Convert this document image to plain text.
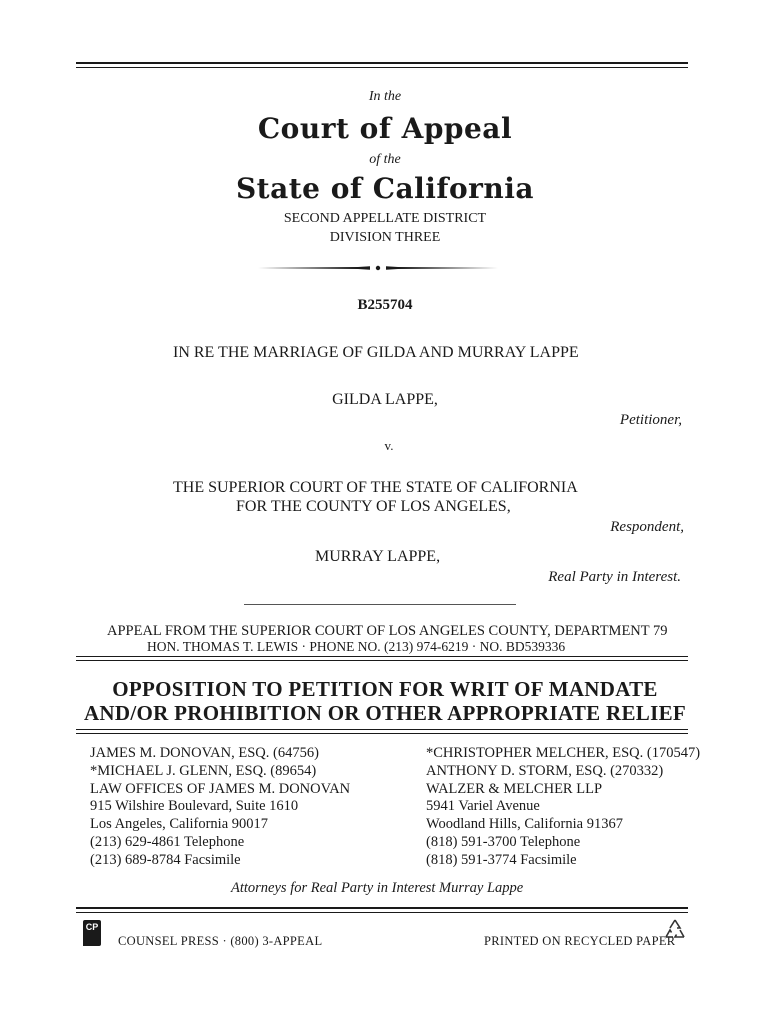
In the
Court of Appeal
of the
State of California
SECOND APPELLATE DISTRICT
DIVISION THREE
B255704
IN RE THE MARRIAGE OF GILDA AND MURRAY LAPPE
GILDA LAPPE,
Petitioner,
v.
THE SUPERIOR COURT OF THE STATE OF CALIFORNIA
FOR THE COUNTY OF LOS ANGELES,
Respondent,
MURRAY LAPPE,
Real Party in Interest.
APPEAL FROM THE SUPERIOR COURT OF LOS ANGELES COUNTY, DEPARTMENT 79
HON. THOMAS T. LEWIS · PHONE NO. (213) 974-6219 · NO. BD539336
OPPOSITION TO PETITION FOR WRIT OF MANDATE
AND/OR PROHIBITION OR OTHER APPROPRIATE RELIEF
JAMES M. DONOVAN, ESQ. (64756)
*MICHAEL J. GLENN, ESQ. (89654)
LAW OFFICES OF JAMES M. DONOVAN
915 Wilshire Boulevard, Suite 1610
Los Angeles, California 90017
(213) 629-4861 Telephone
(213) 689-8784 Facsimile
*CHRISTOPHER MELCHER, ESQ. (170547)
ANTHONY D. STORM, ESQ. (270332)
WALZER & MELCHER LLP
5941 Variel Avenue
Woodland Hills, California 91367
(818) 591-3700 Telephone
(818) 591-3774 Facsimile
Attorneys for Real Party in Interest Murray Lappe
CP
COUNSEL PRESS · (800) 3-APPEAL	PRINTED ON RECYCLED PAPER
